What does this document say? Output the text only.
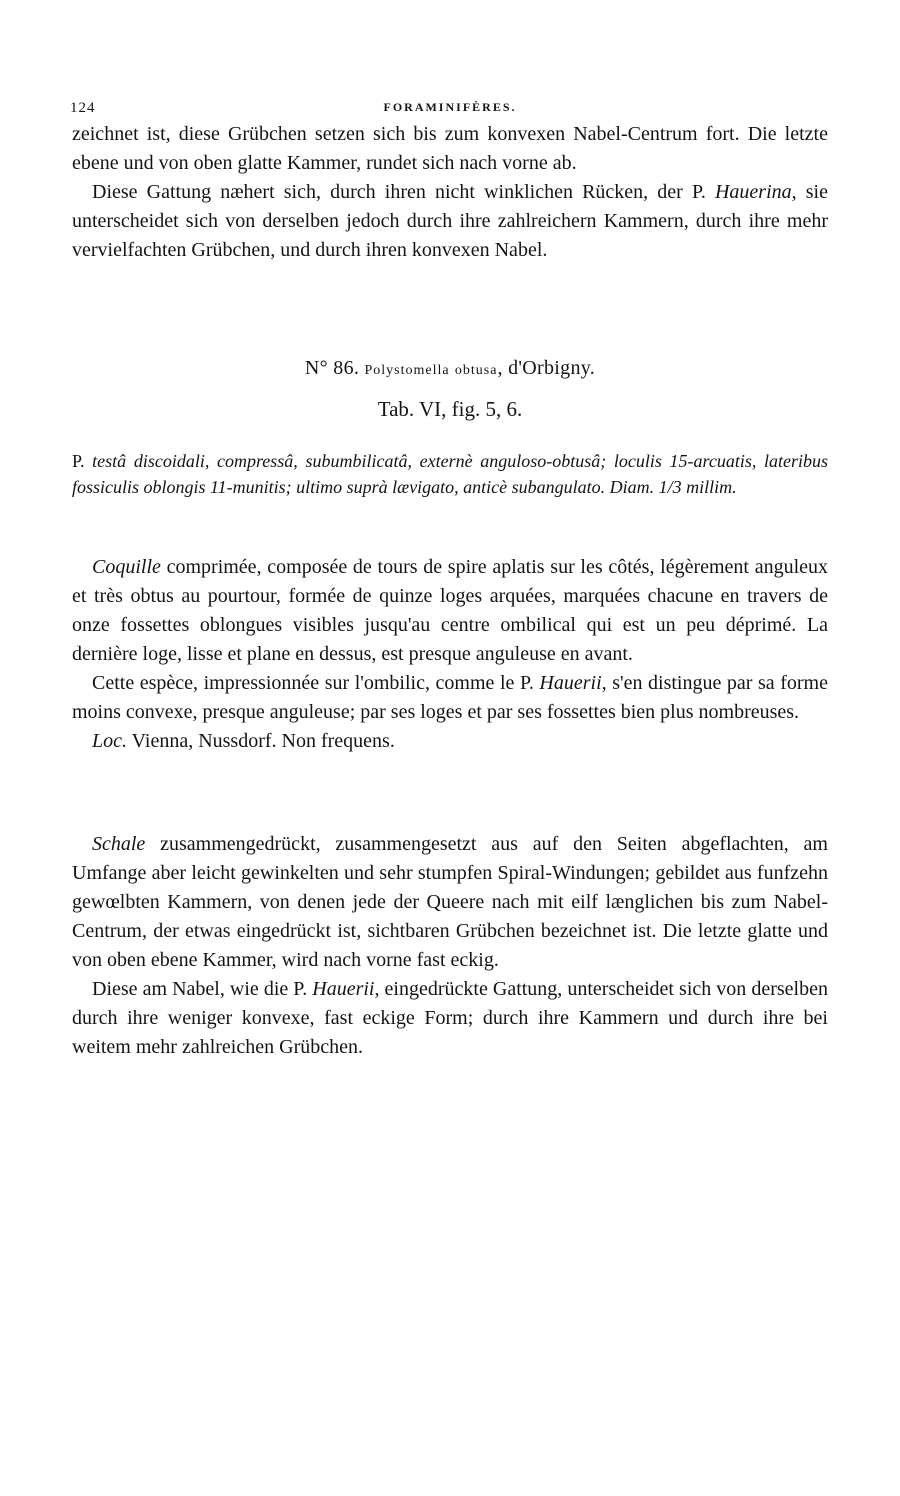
124	FORAMINIFÈRES.

zeichnet ist, diese Grübchen setzen sich bis zum konvexen Nabel-Centrum fort. Die letzte ebene und von oben glatte Kammer, rundet sich nach vorne ab.

Diese Gattung næhert sich, durch ihren nicht winklichen Rücken, der P. Hauerina, sie unterscheidet sich von derselben jedoch durch ihre zahlreichern Kammern, durch ihre mehr vervielfachten Grübchen, und durch ihren konvexen Nabel.

N° 86. Polystomella obtusa, d'Orbigny.
Tab. VI, fig. 5, 6.
P. testâ discoidali, compressâ, subumbilicatâ, externè anguloso-obtusâ; loculis 15-arcuatis, lateribus fossiculis oblongis 11-munitis; ultimo suprà lævigato, anticè subangulato. Diam. 1/3 millim.

Coquille comprimée, composée de tours de spire aplatis sur les côtés, légèrement anguleux et très obtus au pourtour, formée de quinze loges arquées, marquées chacune en travers de onze fossettes oblongues visibles jusqu'au centre ombilical qui est un peu déprimé. La dernière loge, lisse et plane en dessus, est presque anguleuse en avant.

Cette espèce, impressionnée sur l'ombilic, comme le P. Hauerii, s'en distingue par sa forme moins convexe, presque anguleuse; par ses loges et par ses fossettes bien plus nombreuses.

Loc. Vienna, Nussdorf. Non frequens.

Schale zusammengedrückt, zusammengesetzt aus auf den Seiten abgeflachten, am Umfange aber leicht gewinkelten und sehr stumpfen Spiral-Windungen; gebildet aus funfzehn gewœlbten Kammern, von denen jede der Queere nach mit eilf længlichen bis zum Nabel-Centrum, der etwas eingedrückt ist, sichtbaren Grübchen bezeichnet ist. Die letzte glatte und von oben ebene Kammer, wird nach vorne fast eckig.

Diese am Nabel, wie die P. Hauerii, eingedrückte Gattung, unterscheidet sich von derselben durch ihre weniger konvexe, fast eckige Form; durch ihre Kammern und durch ihre bei weitem mehr zahlreichen Grübchen.
